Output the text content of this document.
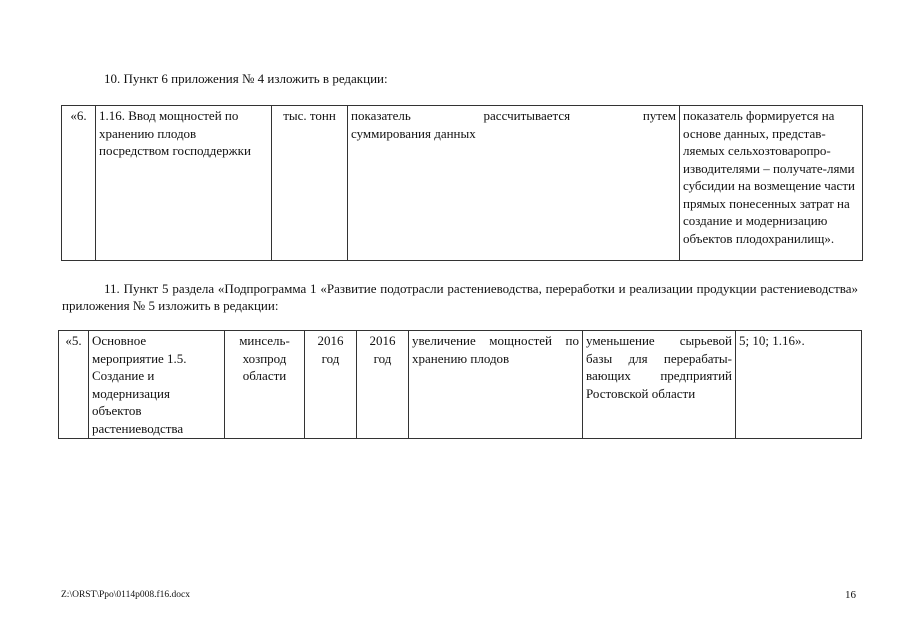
10. Пункт 6 приложения № 4 изложить в редакции:

«6.	1.16. Ввод мощностей по хранению плодов посредством господдержки	тыс. тонн	показатель рассчитывается путем
суммирования данных
	показатель формируется на основе данных, представ-ляемых сельхозтоваропро-изводителями – получате-лями субсидии на возмещение части прямых понесенных затрат на создание и модернизацию объектов плодохранилищ».

11. Пункт 5 раздела «Подпрограмма 1 «Развитие подотрасли растениеводства, переработки и реализации продукции растениеводства» приложения № 5 изложить в редакции:

«5.	Основное мероприятие 1.5. Создание и модернизация объектов растениеводства	минсель-хозпрод области	2016 год	2016 год	увеличение мощностей по хранению плодов	уменьшение сырьевой базы для перерабаты-вающих предприятий Ростовской области	5; 10; 1.16».
Z:\ORST\Ppo\0114p008.f16.docx	16
